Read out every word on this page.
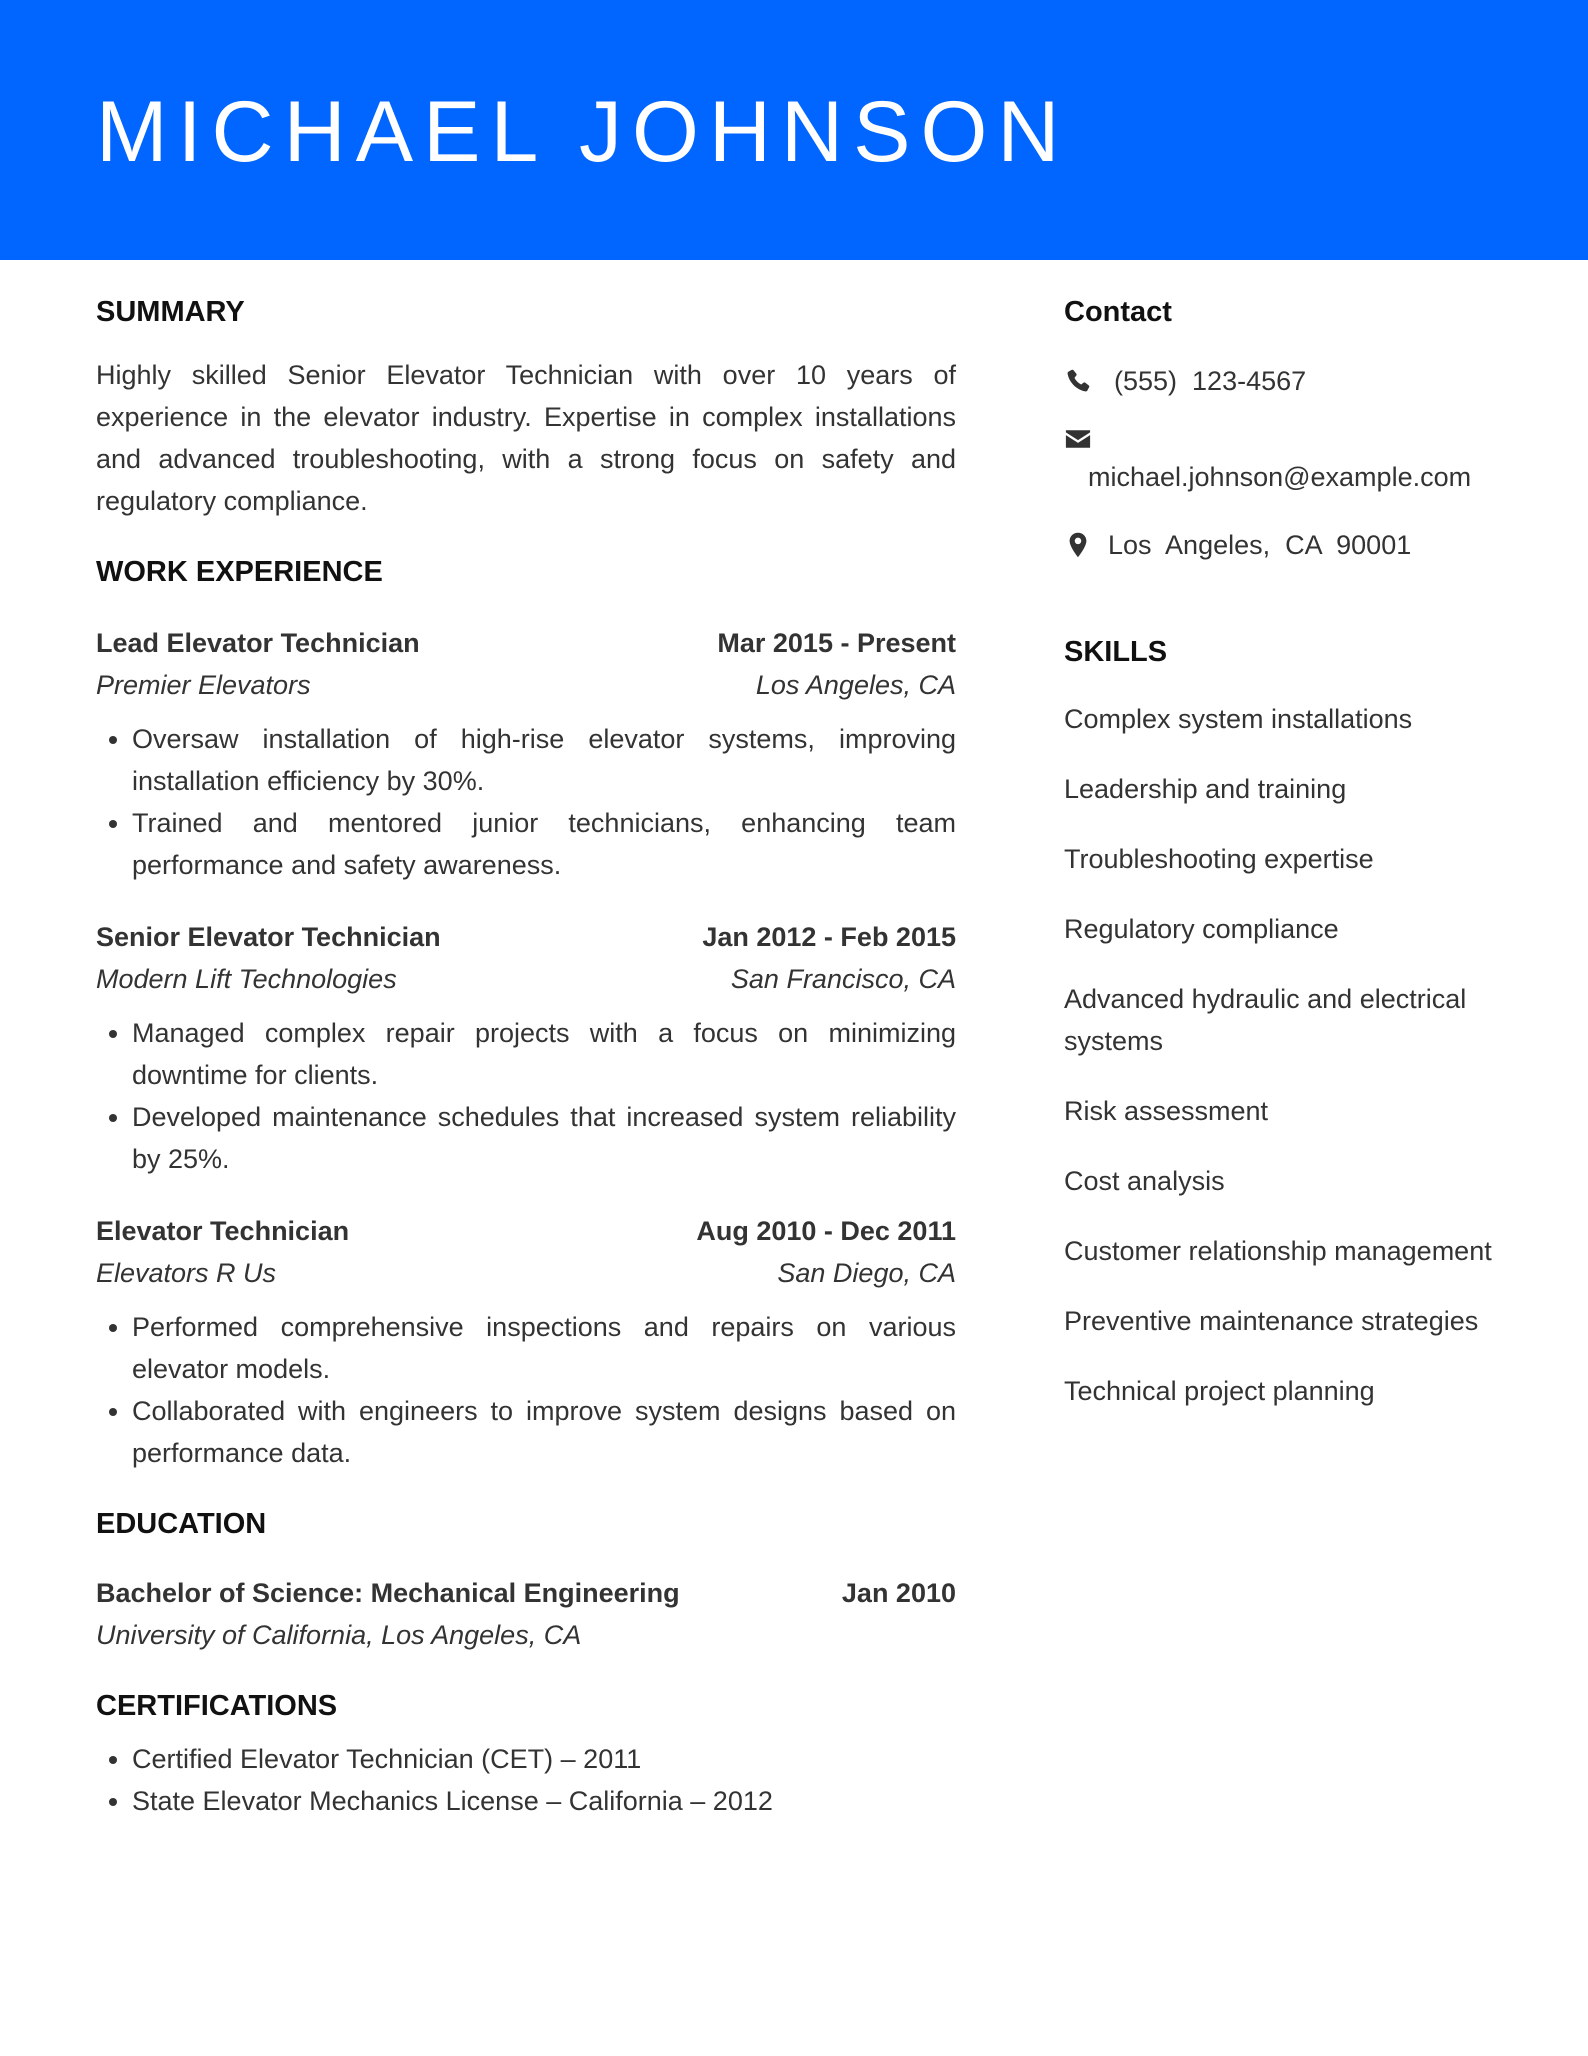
MICHAEL JOHNSON
SUMMARY

Highly skilled Senior Elevator Technician with over 10 years of experience in the elevator industry. Expertise in complex installations and advanced troubleshooting, with a strong focus on safety and regulatory compliance.

WORK EXPERIENCE
Lead Elevator Technician	Mar 2015 - Present
Premier Elevators	Los Angeles, CA
• Oversaw installation of high-rise elevator systems, improving installation efficiency by 30%.
• Trained and mentored junior technicians, enhancing team performance and safety awareness.
Senior Elevator Technician	Jan 2012 - Feb 2015
Modern Lift Technologies	San Francisco, CA
• Managed complex repair projects with a focus on minimizing downtime for clients.
• Developed maintenance schedules that increased system reliability by 25%.
Elevator Technician	Aug 2010 - Dec 2011
Elevators R Us	San Diego, CA
• Performed comprehensive inspections and repairs on various elevator models.
• Collaborated with engineers to improve system designs based on performance data.
EDUCATION
Bachelor of Science: Mechanical Engineering	Jan 2010
University of California, Los Angeles, CA
CERTIFICATIONS
• Certified Elevator Technician (CET) – 2011
• State Elevator Mechanics License – California – 2012
Contact
(555)  123-4567
michael.johnson@example.com
Los  Angeles,  CA  90001
SKILLS
Complex system installations
Leadership and training
Troubleshooting expertise
Regulatory compliance
Advanced hydraulic and electrical systems
Risk assessment
Cost analysis
Customer relationship management
Preventive maintenance strategies
Technical project planning
